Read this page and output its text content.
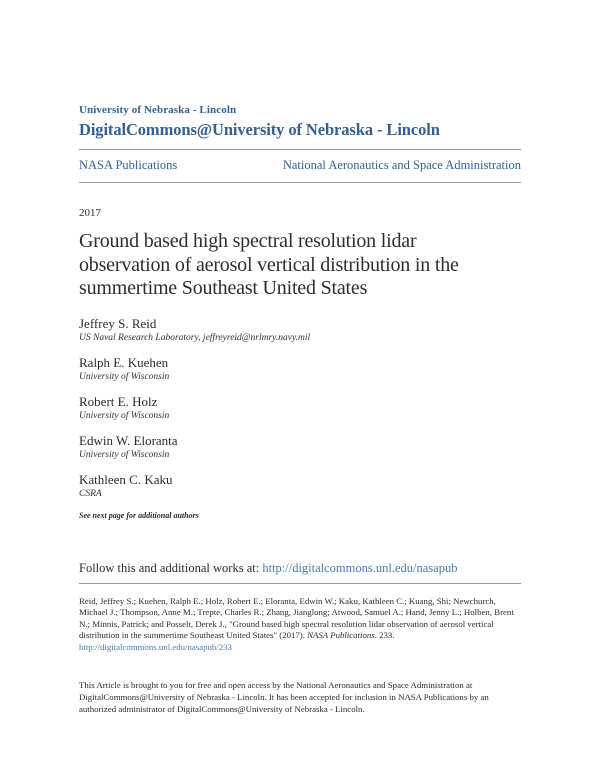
University of Nebraska - Lincoln
DigitalCommons@University of Nebraska - Lincoln
NASA Publications	National Aeronautics and Space Administration
2017
Ground based high spectral resolution lidar
observation of aerosol vertical distribution in the
summertime Southeast United States
Jeffrey S. Reid
US Naval Research Laboratory, jeffreyreid@nrlmry.navy.mil
Ralph E. Kuehen
University of Wisconsin
Robert E. Holz
University of Wisconsin
Edwin W. Eloranta
University of Wisconsin
Kathleen C. Kaku
CSRA
See next page for additional authors
Follow this and additional works at: http://digitalcommons.unl.edu/nasapub
Reid, Jeffrey S.; Kuehen, Ralph E.; Holz, Robert E.; Eloranta, Edwin W.; Kaku, Kathleen C.; Kuang, Shi; Newchurch, Michael J.; Thompson, Anne M.; Trepte, Charles R.; Zhang, Jianglong; Atwood, Samuel A.; Hand, Jenny L.; Holben, Brent N.; Minnis, Patrick; and Posselt, Derek J., "Ground based high spectral resolution lidar observation of aerosol vertical distribution in the summertime Southeast United States" (2017). NASA Publications. 233.
http://digitalcommons.unl.edu/nasapub/233
This Article is brought to you for free and open access by the National Aeronautics and Space Administration at DigitalCommons@University of Nebraska - Lincoln. It has been accepted for inclusion in NASA Publications by an authorized administrator of DigitalCommons@University of Nebraska - Lincoln.
